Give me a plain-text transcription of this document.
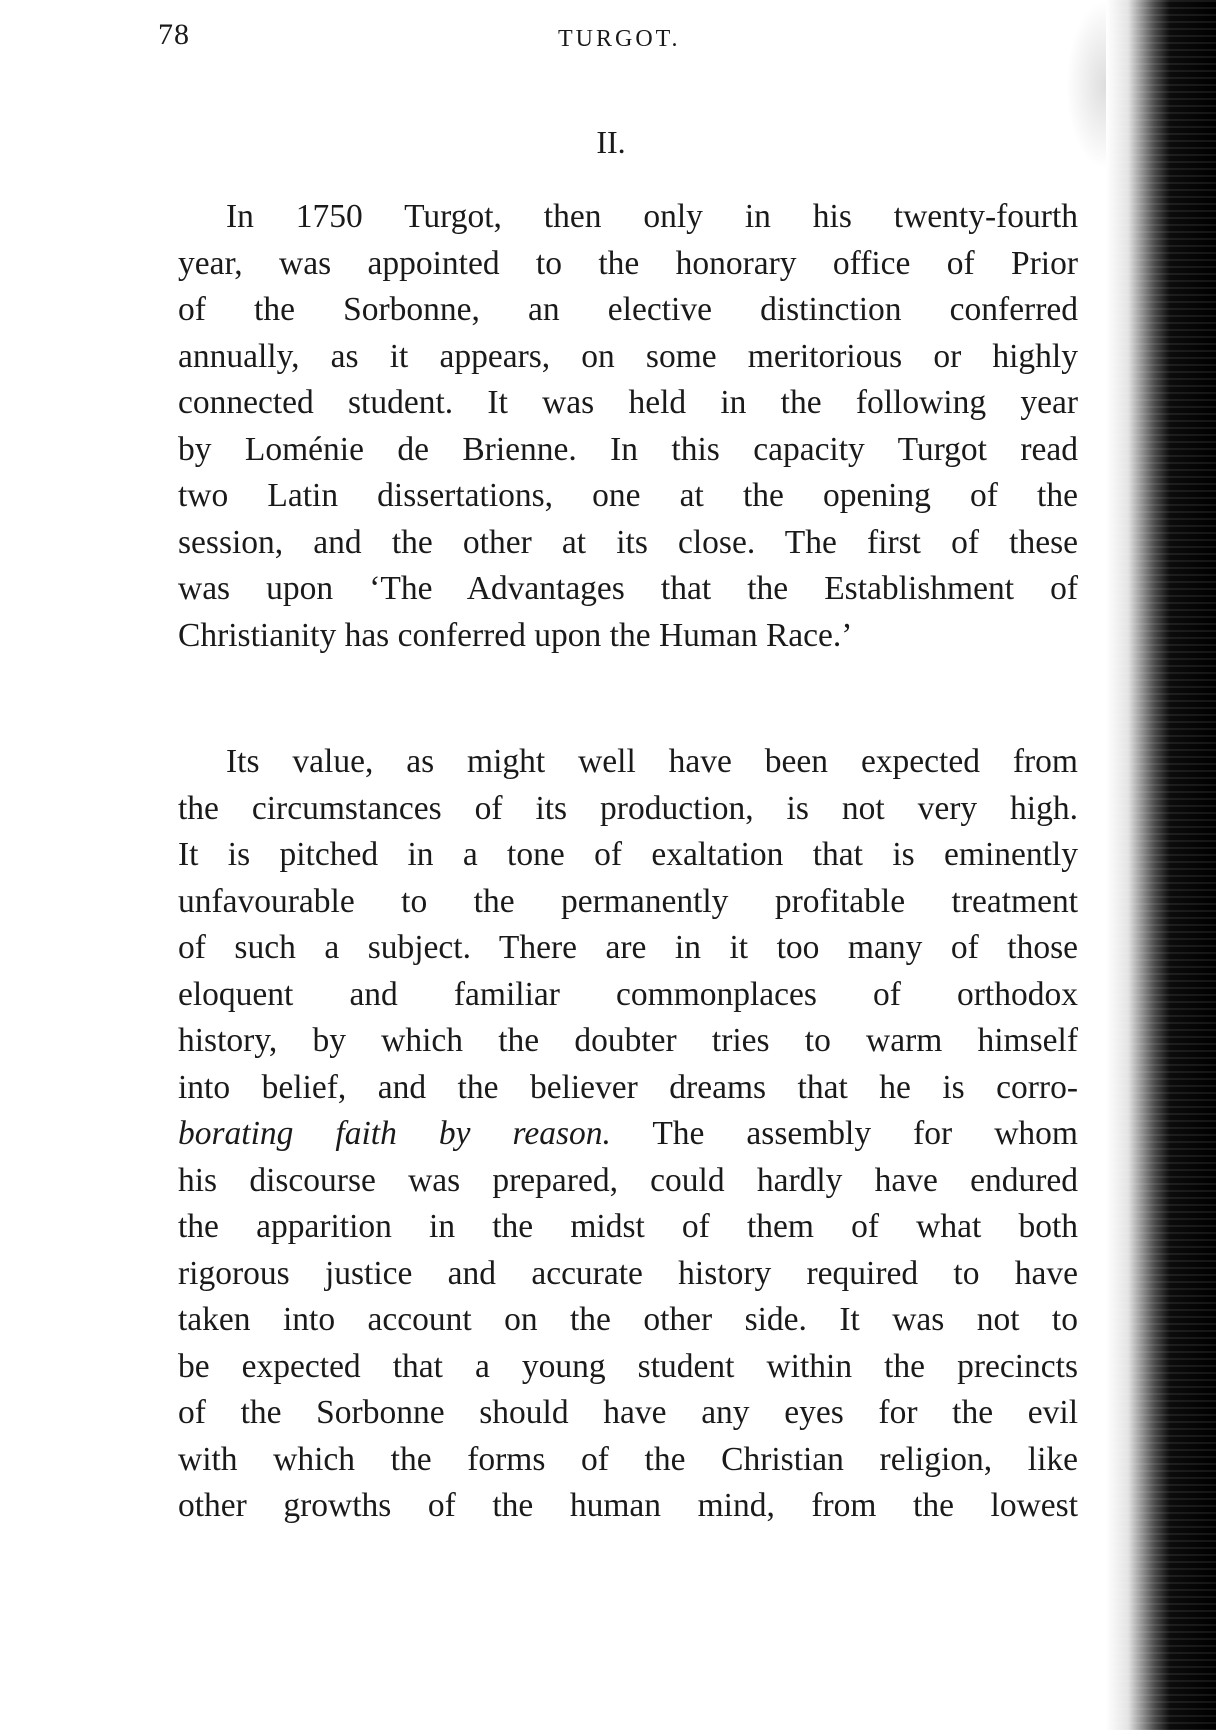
78	TURGOT.
II.
In 1750 Turgot, then only in his twenty-fourth
year, was appointed to the honorary office of Prior
of the Sorbonne, an elective distinction conferred
annually, as it appears, on some meritorious or highly
connected student. It was held in the following year
by Loménie de Brienne. In this capacity Turgot read
two Latin dissertations, one at the opening of the
session, and the other at its close. The first of these
was upon ‘The Advantages that the Establishment of
Christianity has conferred upon the Human Race.’
Its value, as might well have been expected from
the circumstances of its production, is not very high.
It is pitched in a tone of exaltation that is eminently
unfavourable to the permanently profitable treatment
of such a subject. There are in it too many of those
eloquent and familiar commonplaces of orthodox
history, by which the doubter tries to warm himself
into belief, and the believer dreams that he is corro-
borating faith by reason. The assembly for whom
his discourse was prepared, could hardly have endured
the apparition in the midst of them of what both
rigorous justice and accurate history required to have
taken into account on the other side. It was not to
be expected that a young student within the precincts
of the Sorbonne should have any eyes for the evil
with which the forms of the Christian religion, like
other growths of the human mind, from the lowest
